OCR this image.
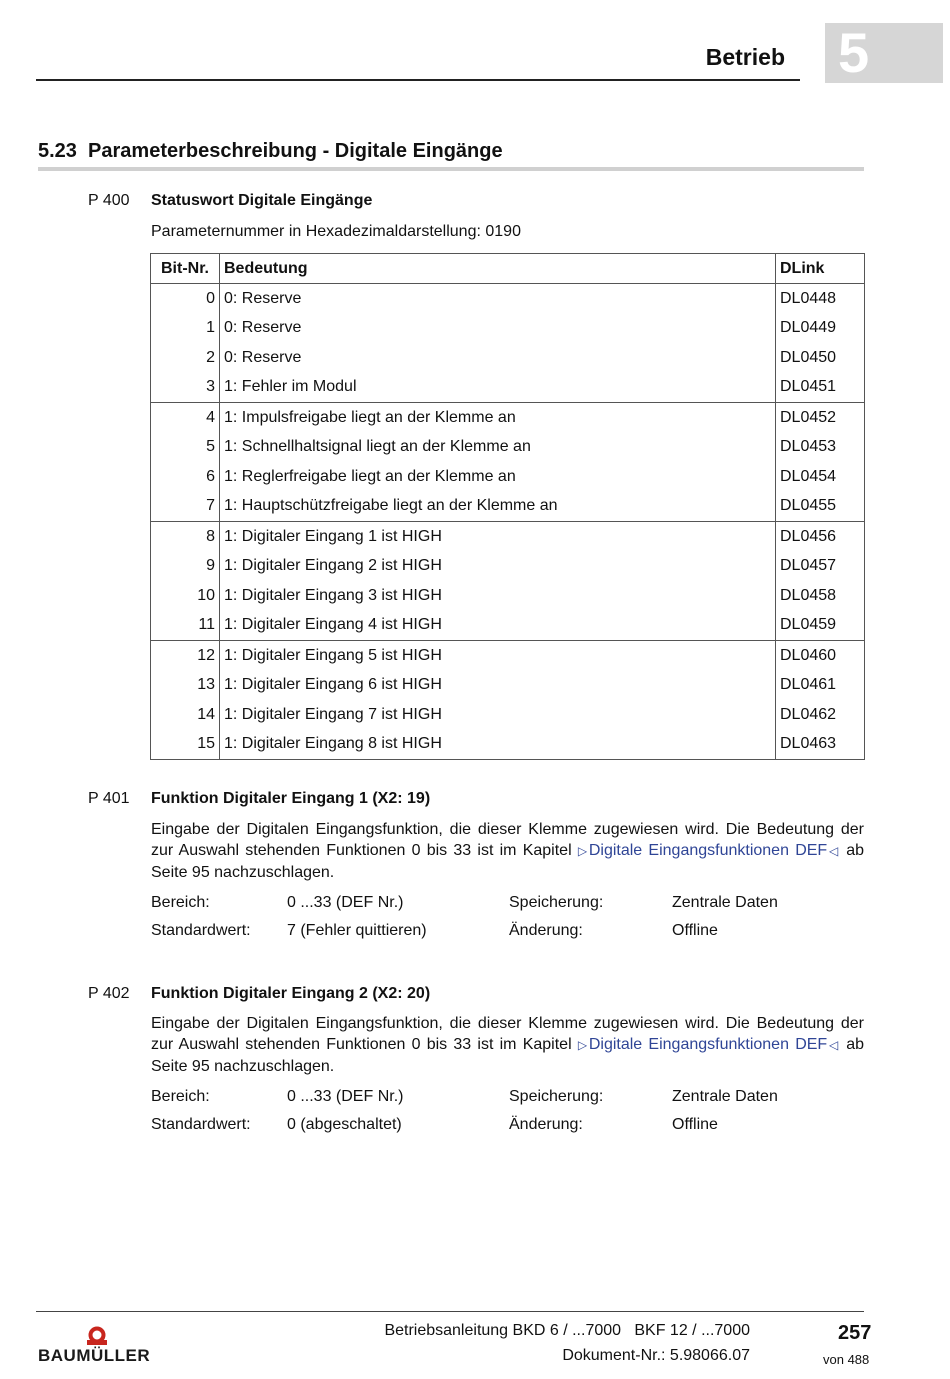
Betrieb 5
5.23  Parameterbeschreibung - Digitale Eingänge
P 400 Statuswort Digitale Eingänge
Parameternummer in Hexadezimaldarstellung: 0190
Bit-Nr.	Bedeutung	DLink
0	0: Reserve	DL0448
1	0: Reserve	DL0449
2	0: Reserve	DL0450
3	1: Fehler im Modul	DL0451
4	1: Impulsfreigabe liegt an der Klemme an	DL0452
5	1: Schnellhaltsignal liegt an der Klemme an	DL0453
6	1: Reglerfreigabe liegt an der Klemme an	DL0454
7	1: Hauptschützfreigabe liegt an der Klemme an	DL0455
8	1: Digitaler Eingang 1 ist HIGH	DL0456
9	1: Digitaler Eingang 2 ist HIGH	DL0457
10	1: Digitaler Eingang 3 ist HIGH	DL0458
11	1: Digitaler Eingang 4 ist HIGH	DL0459
12	1: Digitaler Eingang 5 ist HIGH	DL0460
13	1: Digitaler Eingang 6 ist HIGH	DL0461
14	1: Digitaler Eingang 7 ist HIGH	DL0462
15	1: Digitaler Eingang 8 ist HIGH	DL0463
P 401 Funktion Digitaler Eingang 1 (X2: 19)
Eingabe der Digitalen Eingangsfunktion, die dieser Klemme zugewiesen wird. Die Bedeutung der zur Auswahl stehenden Funktionen 0 bis 33 ist im Kapitel ▷Digitale Eingangsfunktionen DEF◁ ab Seite 95 nachzuschlagen.
Bereich:	0 ...33 (DEF Nr.)	Speicherung:	Zentrale Daten
Standardwert: 7 (Fehler quittieren)	Änderung:	Offline
P 402 Funktion Digitaler Eingang 2 (X2: 20)
Eingabe der Digitalen Eingangsfunktion, die dieser Klemme zugewiesen wird. Die Bedeutung der zur Auswahl stehenden Funktionen 0 bis 33 ist im Kapitel ▷Digitale Eingangsfunktionen DEF◁ ab Seite 95 nachzuschlagen.
Bereich:	0 ...33 (DEF Nr.)	Speicherung:	Zentrale Daten
Standardwert: 0 (abgeschaltet)	Änderung:	Offline
BAUMÜLLER
Betriebsanleitung BKD 6 / ...7000   BKF 12 / ...7000
Dokument-Nr.: 5.98066.07
257
von 488
